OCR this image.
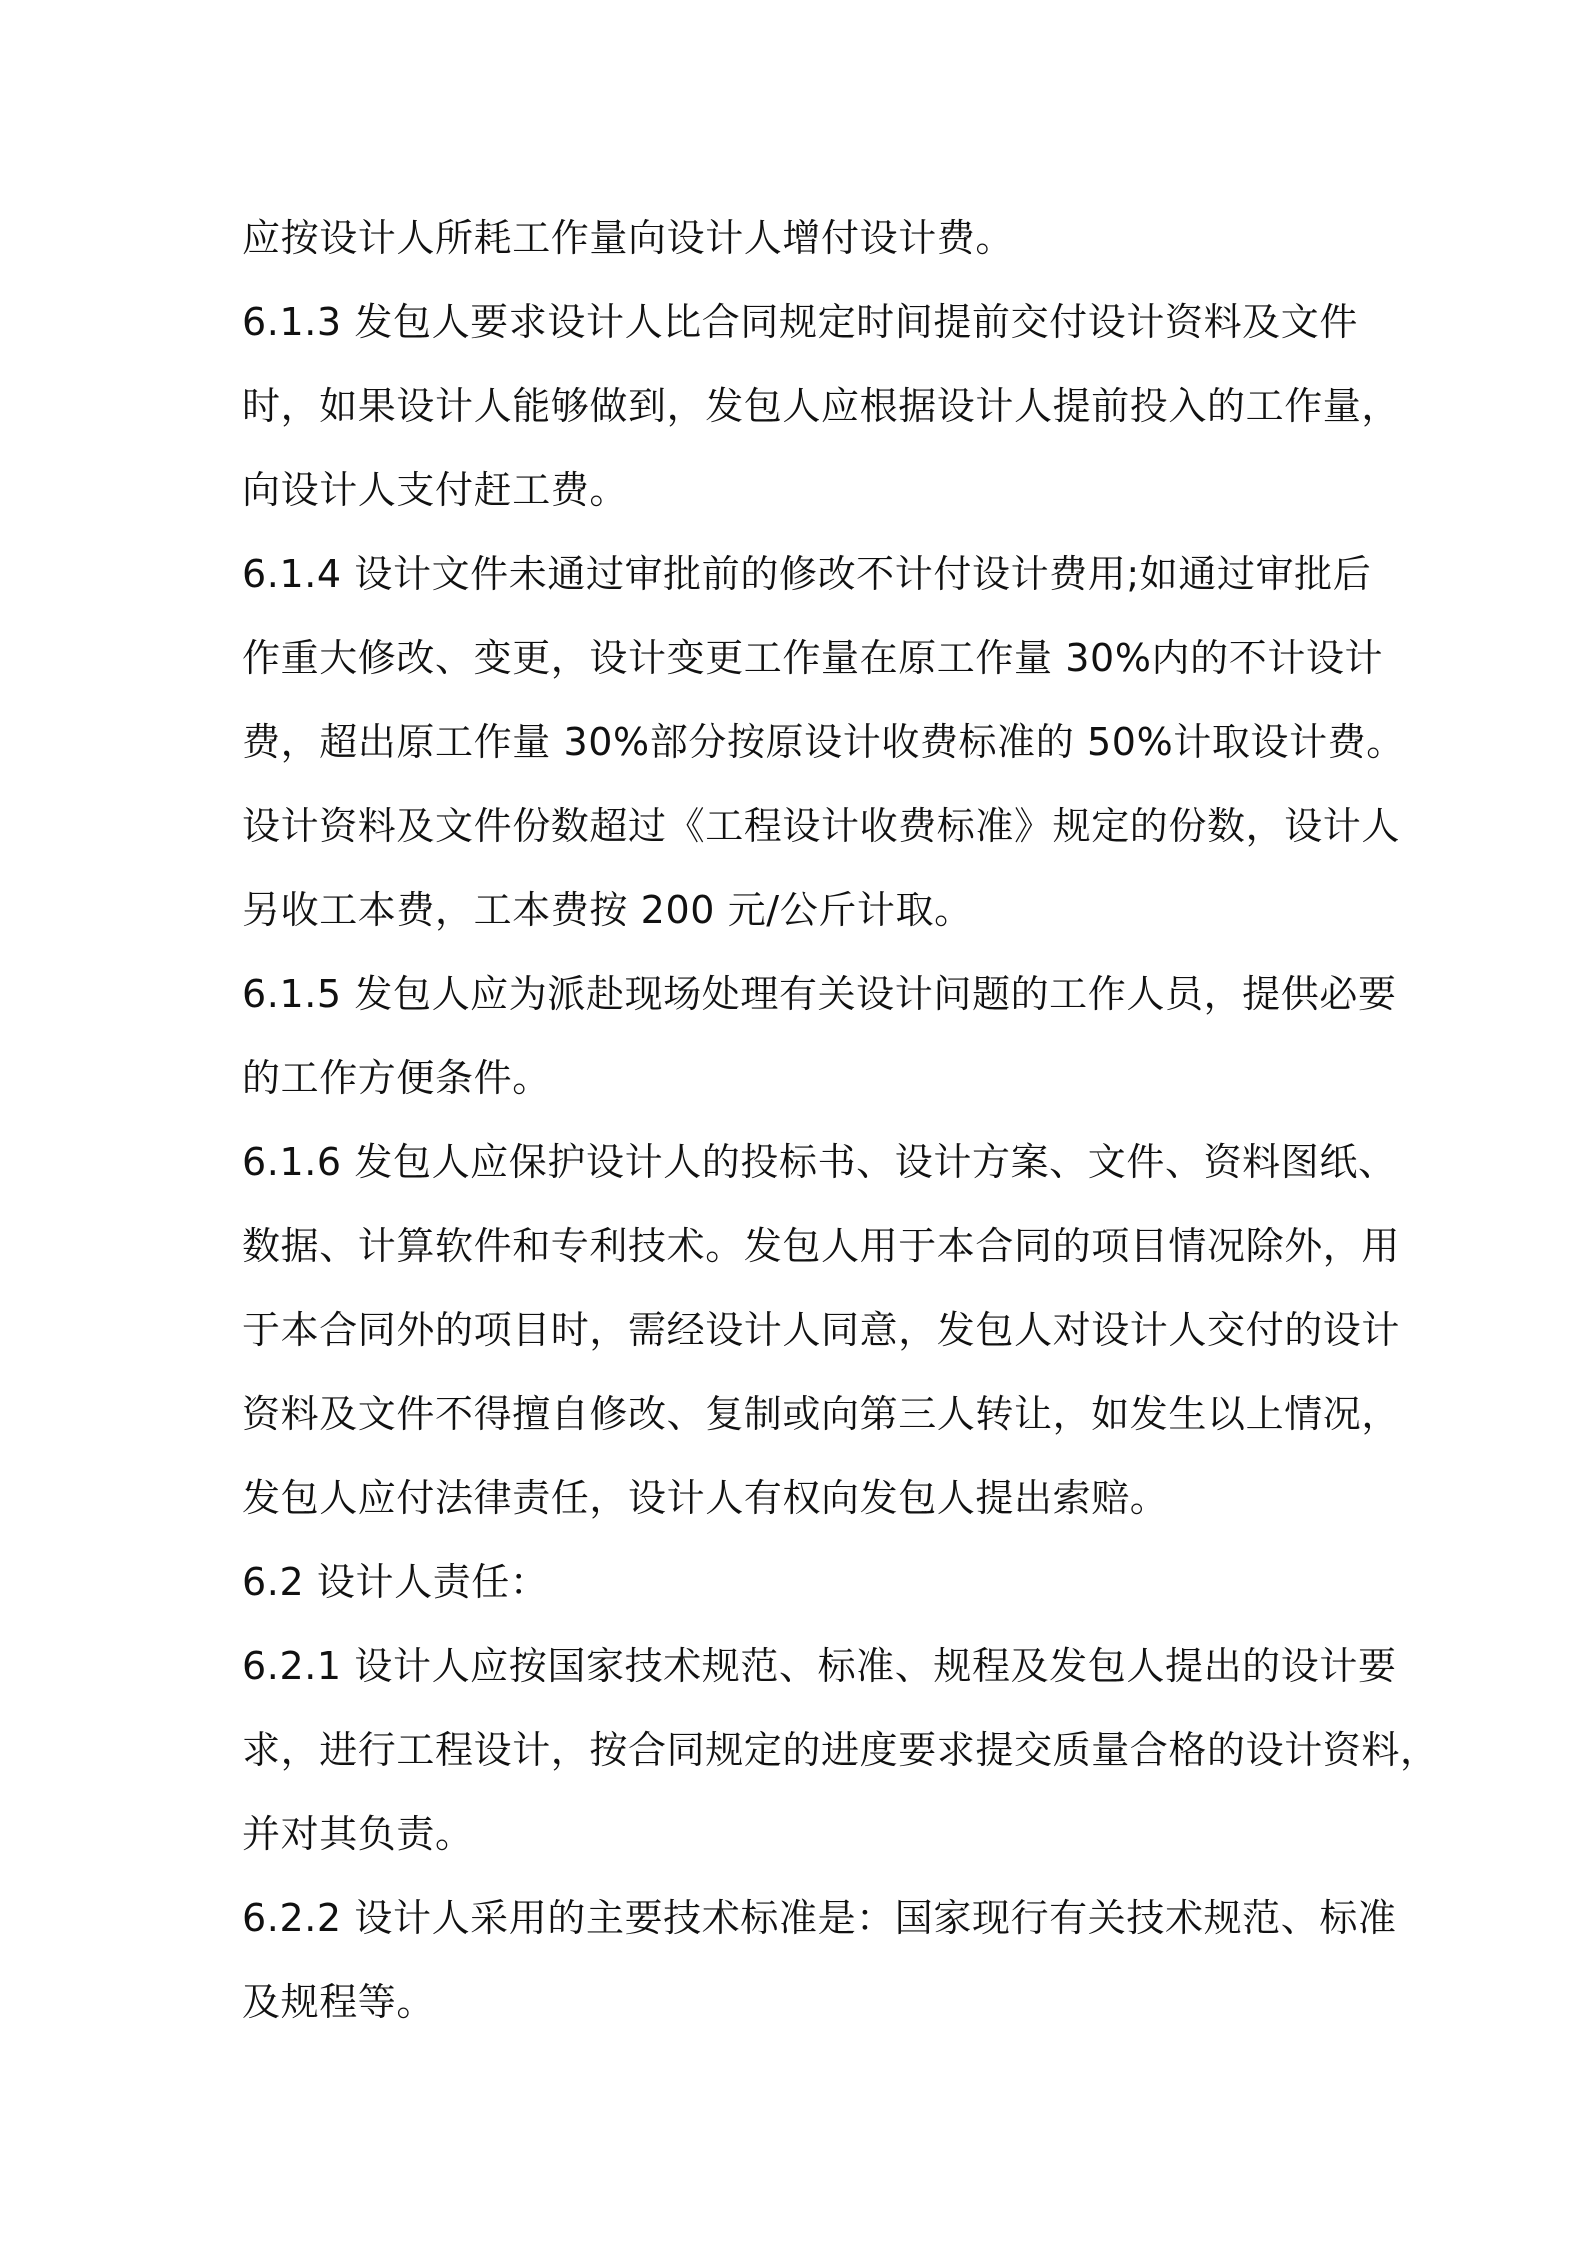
应按设计人所耗工作量向设计人增付设计费。

6.1.3 发包人要求设计人比合同规定时间提前交付设计资料及文件

时，如果设计人能够做到，发包人应根据设计人提前投入的工作量，

向设计人支付赶工费。

6.1.4 设计文件未通过审批前的修改不计付设计费用;如通过审批后

作重大修改、变更，设计变更工作量在原工作量 30%内的不计设计

费，超出原工作量 30%部分按原设计收费标准的 50%计取设计费。

设计资料及文件份数超过《工程设计收费标准》规定的份数，设计人

另收工本费，工本费按 200 元/公斤计取。

6.1.5 发包人应为派赴现场处理有关设计问题的工作人员，提供必要

的工作方便条件。

6.1.6 发包人应保护设计人的投标书、设计方案、文件、资料图纸、

数据、计算软件和专利技术。发包人用于本合同的项目情况除外，用

于本合同外的项目时，需经设计人同意，发包人对设计人交付的设计

资料及文件不得擅自修改、复制或向第三人转让，如发生以上情况，

发包人应付法律责任，设计人有权向发包人提出索赔。

6.2 设计人责任：

6.2.1 设计人应按国家技术规范、标准、规程及发包人提出的设计要

求，进行工程设计，按合同规定的进度要求提交质量合格的设计资料，

并对其负责。

6.2.2 设计人采用的主要技术标准是：国家现行有关技术规范、标准

及规程等。
